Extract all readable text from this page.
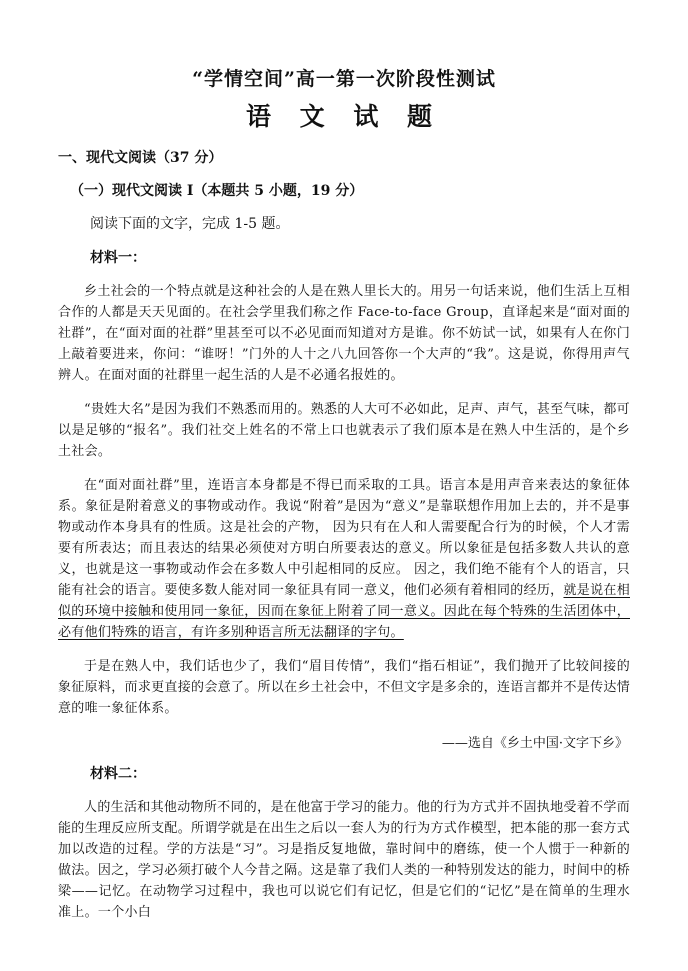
“学情空间”高一第一次阶段性测试
语 文 试 题
一、现代文阅读（37 分）
（一）现代文阅读 I（本题共 5 小题，19 分）
阅读下面的文字，完成 1-5 题。
材料一：

乡土社会的一个特点就是这种社会的人是在熟人里长大的。用另一句话来说，他们生活上互相合作的人都是天天见面的。在社会学里我们称之作 Face-to-face Group，直译起来是“面对面的社群”，在“面对面的社群”里甚至可以不必见面而知道对方是谁。你不妨试一试，如果有人在你门上敲着要进来，你问：“谁呀！”门外的人十之八九回答你一个大声的“我”。这是说，你得用声气辨人。在面对面的社群里一起生活的人是不必通名报姓的。

“贵姓大名”是因为我们不熟悉而用的。熟悉的人大可不必如此，足声、声气，甚至气味，都可以是足够的“报名”。我们社交上姓名的不常上口也就表示了我们原本是在熟人中生活的，是个乡土社会。

在“面对面社群”里，连语言本身都是不得已而采取的工具。语言本是用声音来表达的象征体系。象征是附着意义的事物或动作。我说“附着”是因为“意义”是靠联想作用加上去的，并不是事物或动作本身具有的性质。这是社会的产物， 因为只有在人和人需要配合行为的时候，个人才需要有所表达；而且表达的结果必须使对方明白所要表达的意义。所以象征是包括多数人共认的意义，也就是这一事物或动作会在多数人中引起相同的反应。 因之，我们绝不能有个人的语言，只能有社会的语言。要使多数人能对同一象征具有同一意义，他们必须有着相同的经历，就是说在相似的环境中接触和使用同一象征，因而在象征上附着了同一意义。因此在每个特殊的生活团体中，必有他们特殊的语言，有许多别种语言所无法翻译的字句。

于是在熟人中，我们话也少了，我们“眉目传情”，我们“指石相证”，我们抛开了比较间接的象征原料，而求更直接的会意了。所以在乡土社会中，不但文字是多余的，连语言都并不是传达情意的唯一象征体系。

——选自《乡土中国·文字下乡》
材料二：

人的生活和其他动物所不同的，是在他富于学习的能力。他的行为方式并不固执地受着不学而能的生理反应所支配。所谓学就是在出生之后以一套人为的行为方式作模型，把本能的那一套方式加以改造的过程。学的方法是“习”。习是指反复地做，靠时间中的磨练，使一个人惯于一种新的做法。因之，学习必须打破个人今昔之隔。这是靠了我们人类的一种特别发达的能力，时间中的桥梁——记忆。在动物学习过程中，我也可以说它们有记忆，但是它们的“记忆”是在简单的生理水准上。一个小白
